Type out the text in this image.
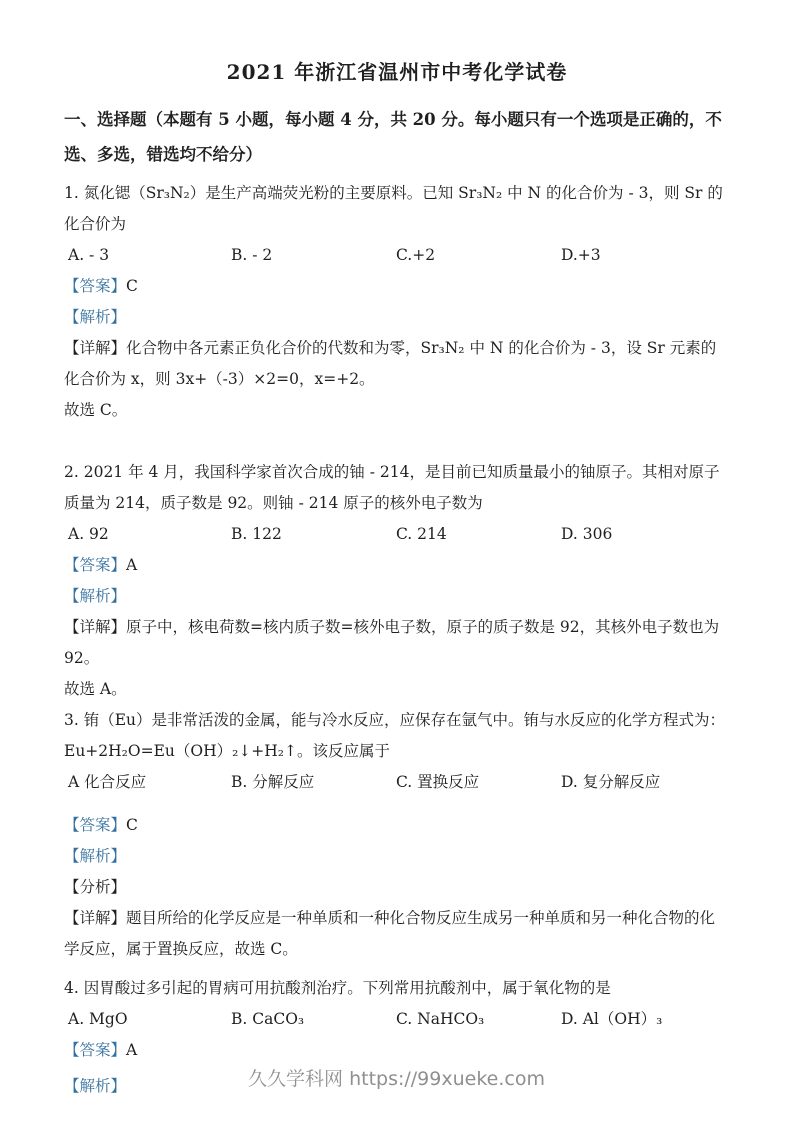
2021 年浙江省温州市中考化学试卷

一、选择题（本题有 5 小题，每小题 4 分，共 20 分。每小题只有一个选项是正确的，不选、多选，错选均不给分）

1. 氮化锶（Sr₃N₂）是生产高端荧光粉的主要原料。已知 Sr₃N₂ 中 N 的化合价为 - 3，则 Sr 的化合价为

A. - 3	B. - 2	C.+2	D.+3

【答案】C

【解析】

【详解】化合物中各元素正负化合价的代数和为零，Sr₃N₂ 中 N 的化合价为 - 3，设 Sr 元素的化合价为 x，则 3x+（-3）×2=0，x=+2。

故选 C。

2. 2021 年 4 月，我国科学家首次合成的铀 - 214，是目前已知质量最小的铀原子。其相对原子质量为 214，质子数是 92。则铀 - 214 原子的核外电子数为

A. 92	B. 122	C. 214	D. 306

【答案】A

【解析】

【详解】原子中，核电荷数=核内质子数=核外电子数，原子的质子数是 92，其核外电子数也为 92。

故选 A。

3. 铕（Eu）是非常活泼的金属，能与冷水反应，应保存在氩气中。铕与水反应的化学方程式为：Eu+2H₂O=Eu（OH）₂↓+H₂↑。该反应属于

A 化合反应	B. 分解反应	C. 置换反应	D. 复分解反应

【答案】C

【解析】

【分析】

【详解】题目所给的化学反应是一种单质和一种化合物反应生成另一种单质和另一种化合物的化学反应，属于置换反应，故选 C。

4. 因胃酸过多引起的胃病可用抗酸剂治疗。下列常用抗酸剂中，属于氧化物的是

A. MgO	B. CaCO₃	C. NaHCO₃	D. Al（OH）₃

【答案】A

【解析】	久久学科网 https://99xueke.com
